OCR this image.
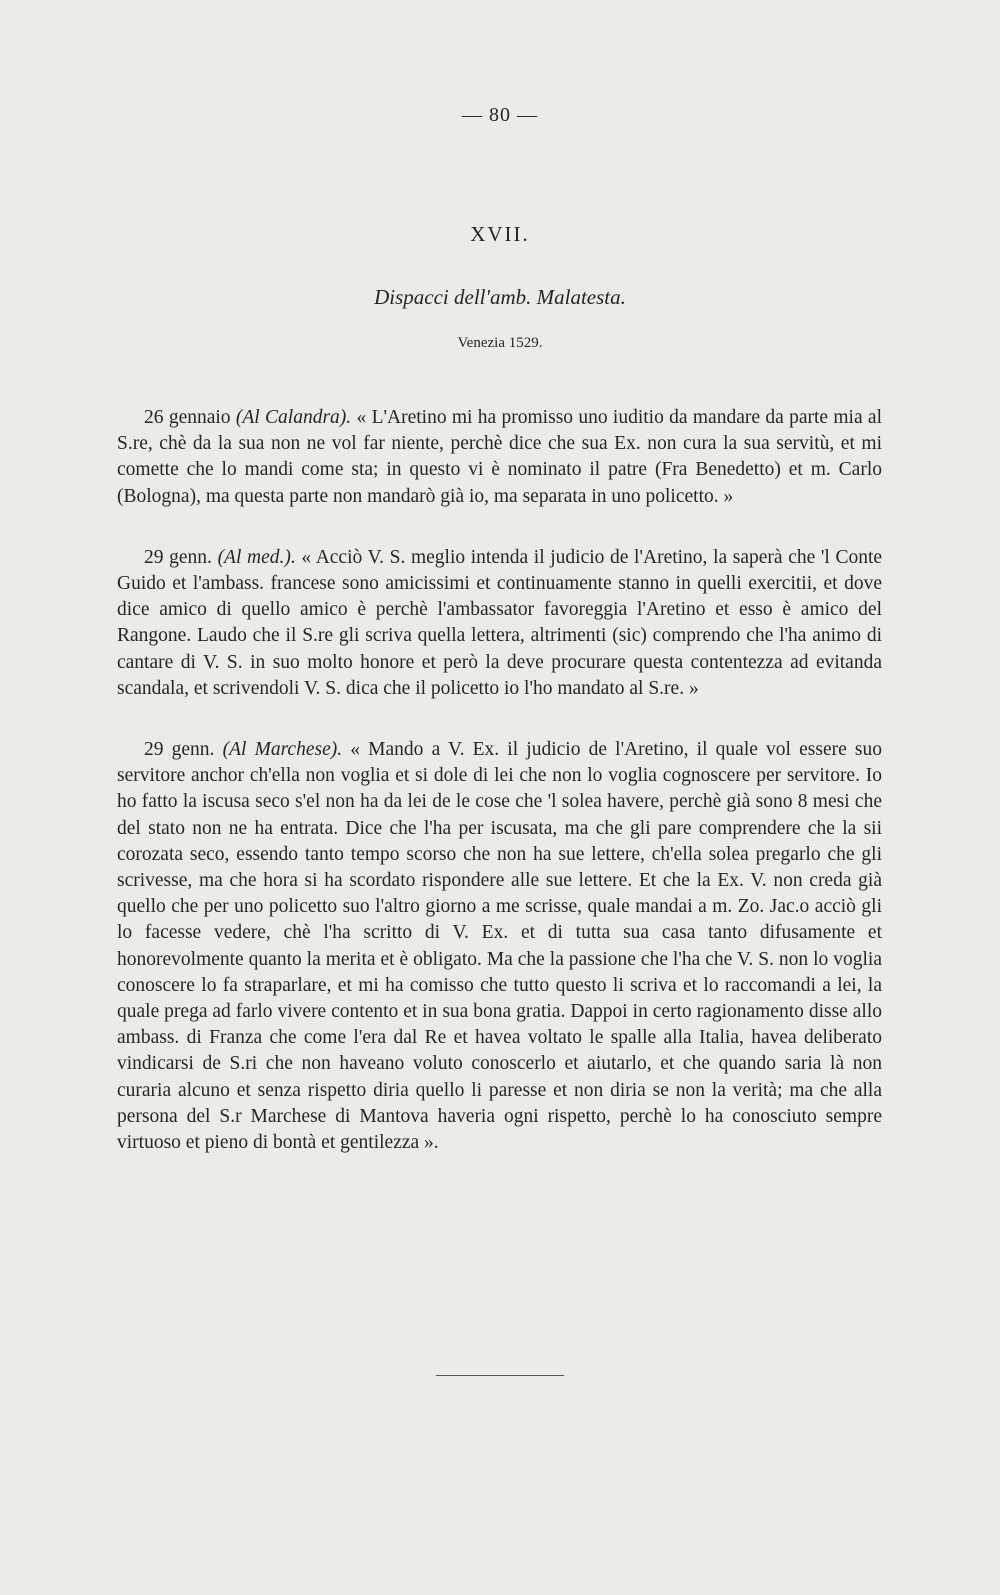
— 80 —
XVII.
Dispacci dell'amb. Malatesta.
Venezia 1529.

26 gennaio (Al Calandra). « L'Aretino mi ha promisso uno iuditio da mandare da parte mia al S.re, chè da la sua non ne vol far niente, perchè dice che sua Ex. non cura la sua servitù, et mi comette che lo mandi come sta; in questo vi è nominato il patre (Fra Benedetto) et m. Carlo (Bologna), ma questa parte non mandarò già io, ma separata in uno policetto. »

29 genn. (Al med.). « Acciò V. S. meglio intenda il judicio de l'Aretino, la saperà che 'l Conte Guido et l'ambass. francese sono amicissimi et continuamente stanno in quelli exercitii, et dove dice amico di quello amico è perchè l'ambassator favoreggia l'Aretino et esso è amico del Rangone. Laudo che il S.re gli scriva quella lettera, altrimenti (sic) comprendo che l'ha animo di cantare di V. S. in suo molto honore et però la deve procurare questa contentezza ad evitanda scandala, et scrivendoli V. S. dica che il policetto io l'ho mandato al S.re. »

29 genn. (Al Marchese). « Mando a V. Ex. il judicio de l'Aretino, il quale vol essere suo servitore anchor ch'ella non voglia et si dole di lei che non lo voglia cognoscere per servitore. Io ho fatto la iscusa seco s'el non ha da lei de le cose che 'l solea havere, perchè già sono 8 mesi che del stato non ne ha entrata. Dice che l'ha per iscusata, ma che gli pare comprendere che la sii corozata seco, essendo tanto tempo scorso che non ha sue lettere, ch'ella solea pregarlo che gli scrivesse, ma che hora si ha scordato rispondere alle sue lettere. Et che la Ex. V. non creda già quello che per uno policetto suo l'altro giorno a me scrisse, quale mandai a m. Zo. Jac.o acciò gli lo facesse vedere, chè l'ha scritto di V. Ex. et di tutta sua casa tanto difusamente et honorevolmente quanto la merita et è obligato. Ma che la passione che l'ha che V. S. non lo voglia conoscere lo fa straparlare, et mi ha comisso che tutto questo li scriva et lo raccomandi a lei, la quale prega ad farlo vivere contento et in sua bona gratia. Dappoi in certo ragionamento disse allo ambass. di Franza che come l'era dal Re et havea voltato le spalle alla Italia, havea deliberato vindicarsi de S.ri che non haveano voluto conoscerlo et aiutarlo, et che quando saria là non curaria alcuno et senza rispetto diria quello li paresse et non diria se non la verità; ma che alla persona del S.r Marchese di Mantova haveria ogni rispetto, perchè lo ha conosciuto sempre virtuoso et pieno di bontà et gentilezza ».
